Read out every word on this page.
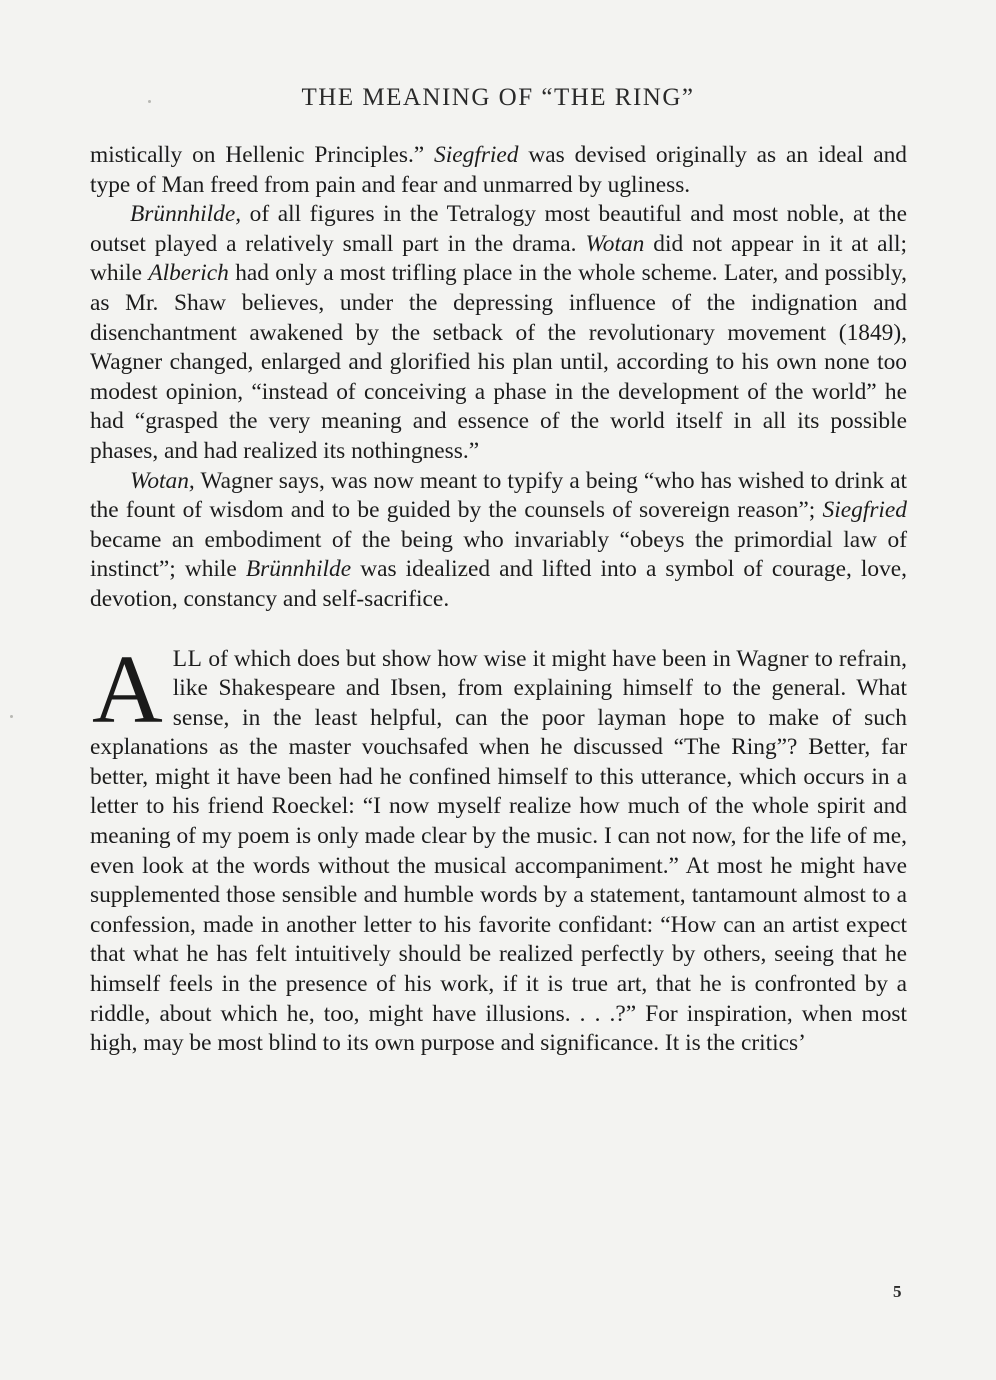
THE MEANING OF “THE RING”

mistically on Hellenic Principles.” Siegfried was devised originally as an ideal and type of Man freed from pain and fear and unmarred by ugliness.

Brünnhilde, of all figures in the Tetralogy most beautiful and most noble, at the outset played a relatively small part in the drama. Wotan did not appear in it at all; while Alberich had only a most trifling place in the whole scheme. Later, and possibly, as Mr. Shaw believes, under the depressing influence of the indignation and disenchantment awakened by the setback of the revolutionary movement (1849), Wagner changed, enlarged and glorified his plan until, according to his own none too modest opinion, “instead of conceiving a phase in the development of the world” he had “grasped the very meaning and essence of the world itself in all its possible phases, and had realized its nothingness.”

Wotan, Wagner says, was now meant to typify a being “who has wished to drink at the fount of wisdom and to be guided by the counsels of sovereign reason”; Siegfried became an embodiment of the being who invariably “obeys the primordial law of instinct”; while Brünnhilde was idealized and lifted into a symbol of courage, love, devotion, constancy and self-sacrifice.

ALL of which does but show how wise it might have been in Wagner to refrain, like Shakespeare and Ibsen, from explaining himself to the general. What sense, in the least helpful, can the poor layman hope to make of such explanations as the master vouchsafed when he discussed “The Ring”? Better, far better, might it have been had he confined himself to this utterance, which occurs in a letter to his friend Roeckel: “I now myself realize how much of the whole spirit and meaning of my poem is only made clear by the music. I can not now, for the life of me, even look at the words without the musical accompaniment.” At most he might have supplemented those sensible and humble words by a statement, tantamount almost to a confession, made in another letter to his favorite confidant: “How can an artist expect that what he has felt intuitively should be realized perfectly by others, seeing that he himself feels in the presence of his work, if it is true art, that he is confronted by a riddle, about which he, too, might have illusions. . . .?” For inspiration, when most high, may be most blind to its own purpose and significance. It is the critics’

5
